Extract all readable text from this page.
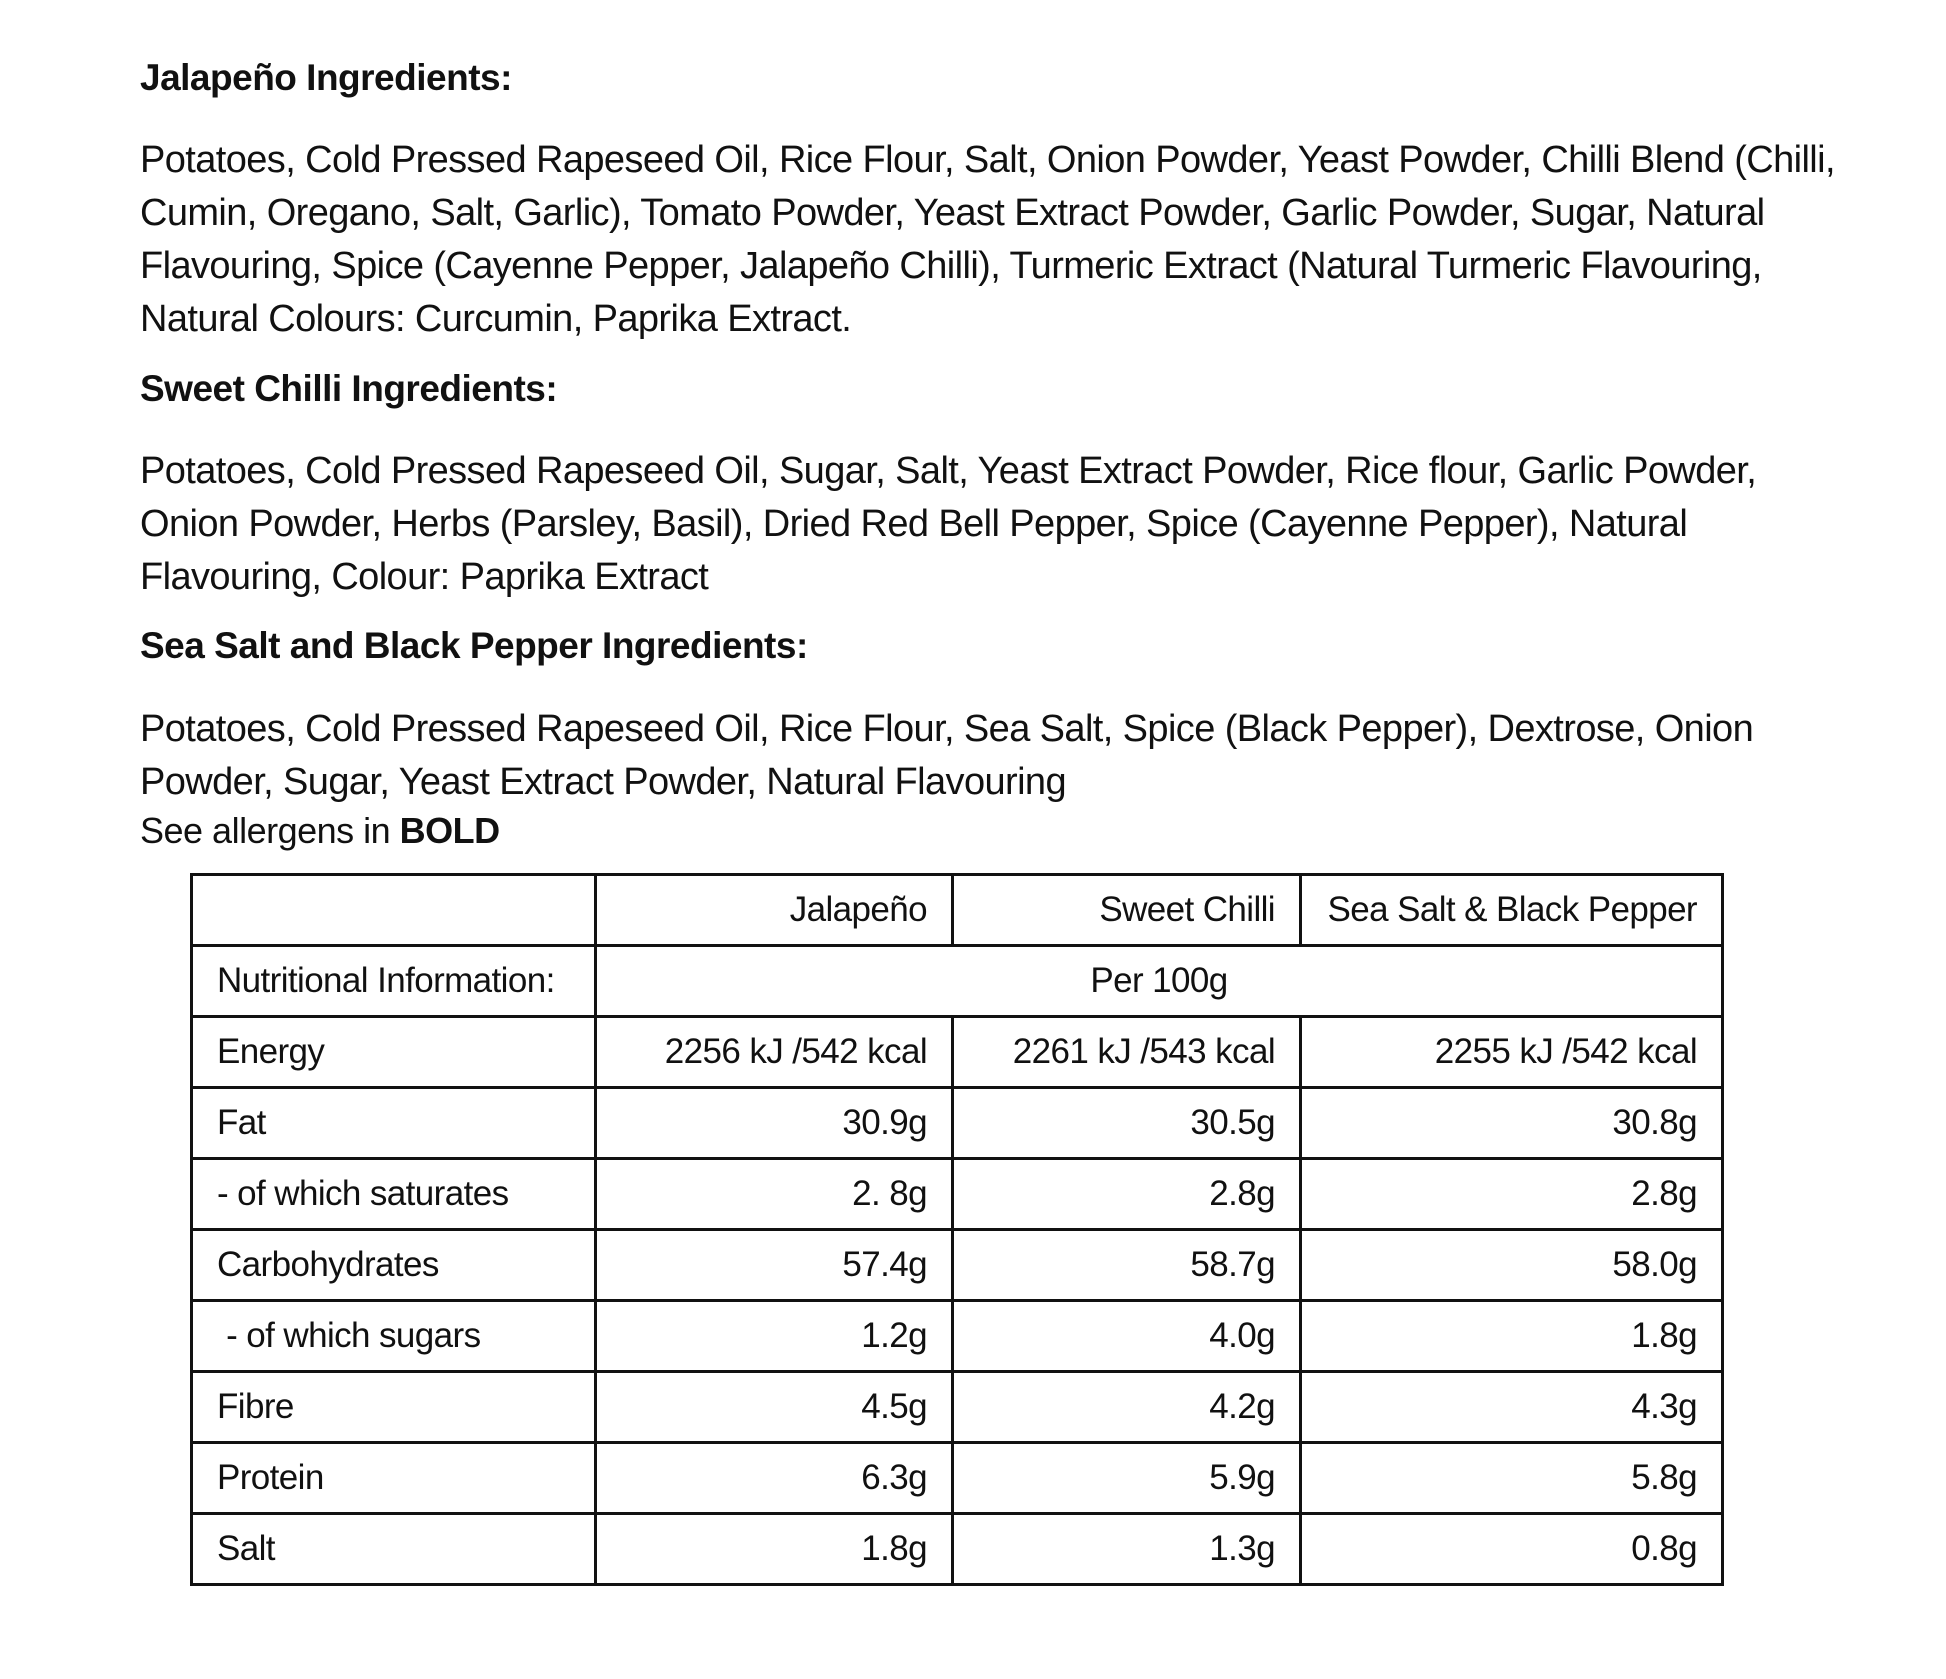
Jalapeño Ingredients:

Potatoes, Cold Pressed Rapeseed Oil, Rice Flour, Salt, Onion Powder, Yeast Powder, Chilli Blend (Chilli, Cumin, Oregano, Salt, Garlic), Tomato Powder, Yeast Extract Powder, Garlic Powder, Sugar, Natural Flavouring, Spice (Cayenne Pepper, Jalapeño Chilli), Turmeric Extract (Natural Turmeric Flavouring, Natural Colours: Curcumin, Paprika Extract.

Sweet Chilli Ingredients:

Potatoes, Cold Pressed Rapeseed Oil, Sugar, Salt, Yeast Extract Powder, Rice flour, Garlic Powder, Onion Powder, Herbs (Parsley, Basil), Dried Red Bell Pepper, Spice (Cayenne Pepper), Natural Flavouring, Colour: Paprika Extract

Sea Salt and Black Pepper Ingredients:

Potatoes, Cold Pressed Rapeseed Oil, Rice Flour, Sea Salt, Spice (Black Pepper), Dextrose, Onion Powder, Sugar, Yeast Extract Powder, Natural Flavouring

See allergens in BOLD
	Jalapeño	Sweet Chilli	Sea Salt & Black Pepper
Nutritional Information:	Per 100g		
Energy	2256 kJ /542 kcal	2261 kJ /543 kcal	2255 kJ /542 kcal
Fat	30.9g	30.5g	30.8g
- of which saturates	2. 8g	2.8g	2.8g
Carbohydrates	57.4g	58.7g	58.0g
- of which sugars	1.2g	4.0g	1.8g
Fibre	4.5g	4.2g	4.3g
Protein	6.3g	5.9g	5.8g
Salt	1.8g	1.3g	0.8g
